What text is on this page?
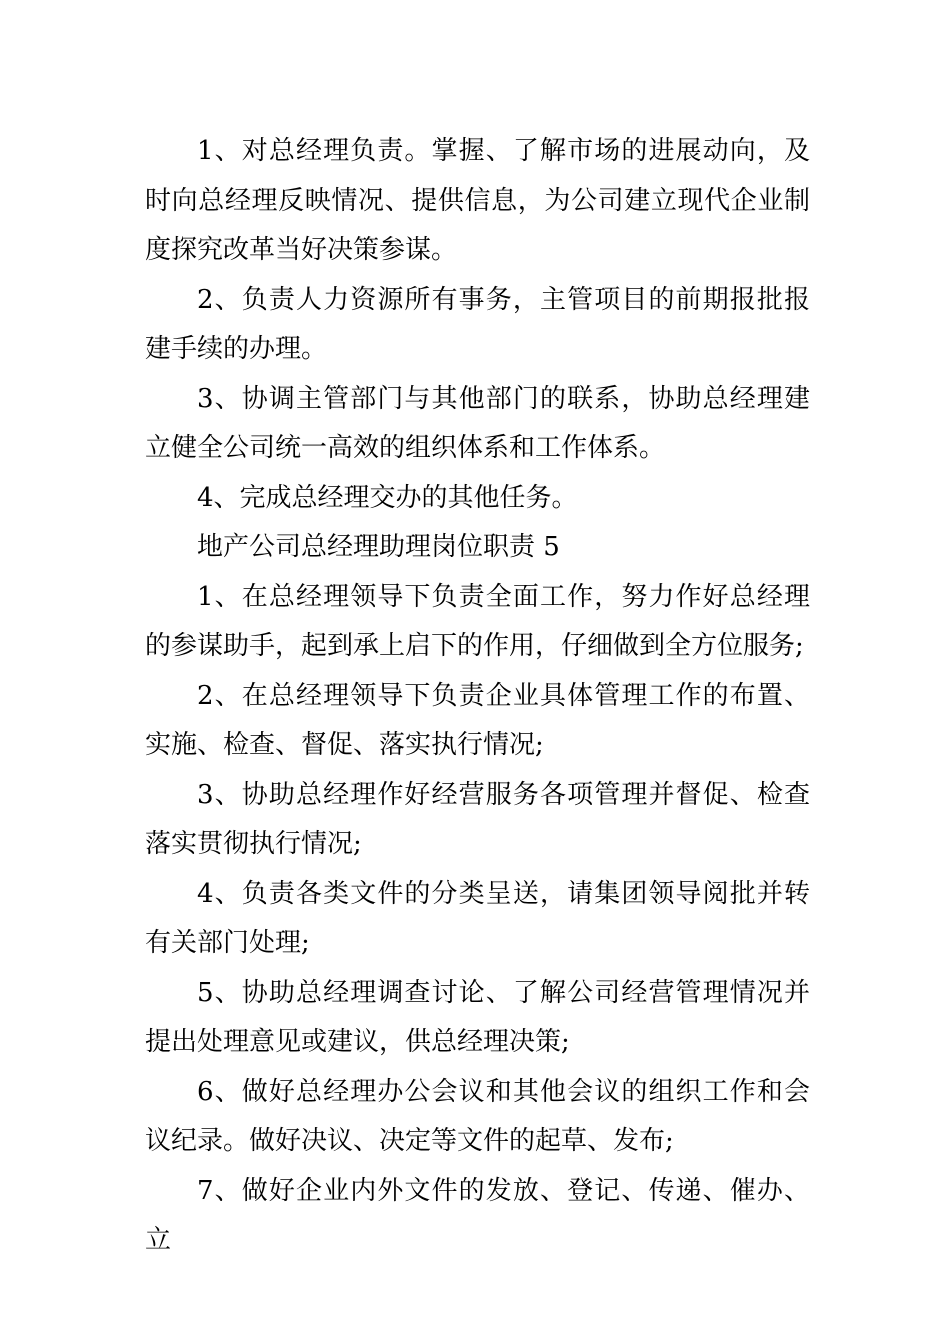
1、对总经理负责。掌握、了解市场的进展动向，及时向总经理反映情况、提供信息，为公司建立现代企业制度探究改革当好决策参谋。

2、负责人力资源所有事务，主管项目的前期报批报建手续的办理。

3、协调主管部门与其他部门的联系，协助总经理建立健全公司统一高效的组织体系和工作体系。

4、完成总经理交办的其他任务。

地产公司总经理助理岗位职责 5

1、在总经理领导下负责全面工作，努力作好总经理的参谋助手，起到承上启下的作用，仔细做到全方位服务;

2、在总经理领导下负责企业具体管理工作的布置、实施、检查、督促、落实执行情况;

3、协助总经理作好经营服务各项管理并督促、检查落实贯彻执行情况;

4、负责各类文件的分类呈送，请集团领导阅批并转有关部门处理;

5、协助总经理调查讨论、了解公司经营管理情况并提出处理意见或建议，供总经理决策;

6、做好总经理办公会议和其他会议的组织工作和会议纪录。做好决议、决定等文件的起草、发布;

7、做好企业内外文件的发放、登记、传递、催办、立
